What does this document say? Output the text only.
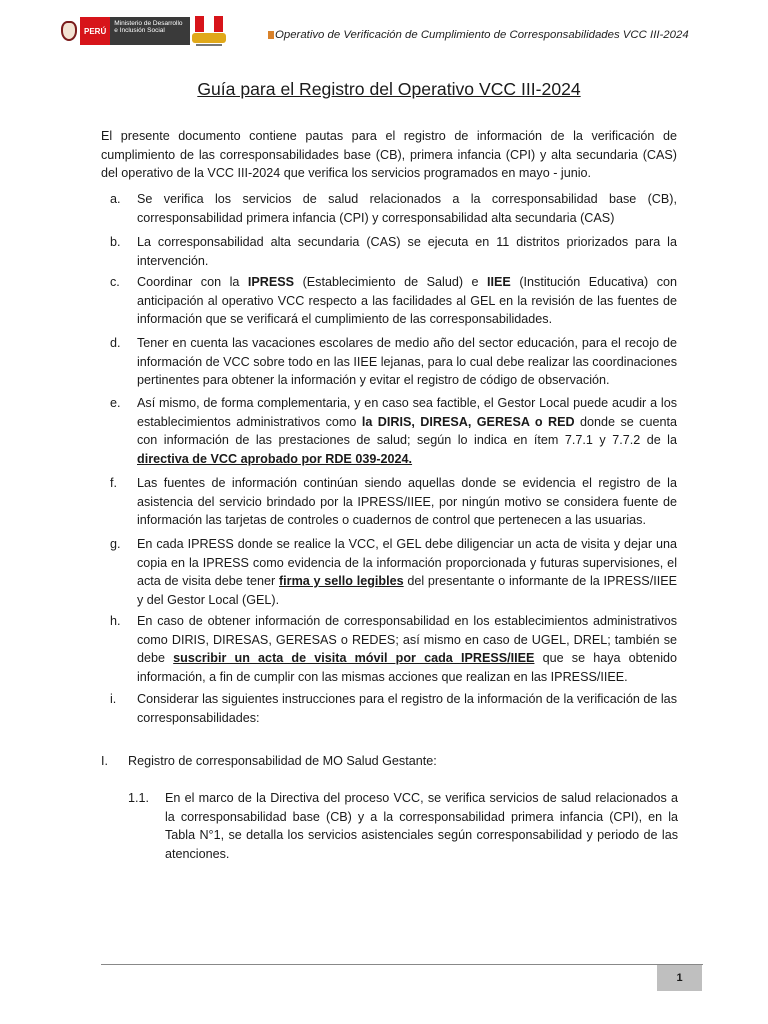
PERÚ
Ministerio de Desarrollo e Inclusión Social	Operativo de Verificación de Cumplimiento de Corresponsabilidades VCC III-2024
Guía para el Registro del Operativo VCC III-2024
El presente documento contiene pautas para el registro de información de la verificación de cumplimiento de las corresponsabilidades base (CB), primera infancia (CPI) y alta secundaria (CAS) del operativo de la VCC III-2024 que verifica los servicios programados en mayo - junio.
a. Se verifica los servicios de salud relacionados a la corresponsabilidad base (CB), corresponsabilidad primera infancia (CPI) y corresponsabilidad alta secundaria (CAS)
b. La corresponsabilidad alta secundaria (CAS) se ejecuta en 11 distritos priorizados para la intervención.
c. Coordinar con la IPRESS (Establecimiento de Salud) e IIEE (Institución Educativa) con anticipación al operativo VCC respecto a las facilidades al GEL en la revisión de las fuentes de información que se verificará el cumplimiento de las corresponsabilidades.
d. Tener en cuenta las vacaciones escolares de medio año del sector educación, para el recojo de información de VCC sobre todo en las IIEE lejanas, para lo cual debe realizar las coordinaciones pertinentes para obtener la información y evitar el registro de código de observación.
e. Así mismo, de forma complementaria, y en caso sea factible, el Gestor Local puede acudir a los establecimientos administrativos como la DIRIS, DIRESA, GERESA o RED donde se cuenta con información de las prestaciones de salud; según lo indica en ítem 7.7.1 y 7.7.2 de la directiva de VCC aprobado por RDE 039-2024.
f. Las fuentes de información continúan siendo aquellas donde se evidencia el registro de la asistencia del servicio brindado por la IPRESS/IIEE, por ningún motivo se considera fuente de información las tarjetas de controles o cuadernos de control que pertenecen a las usuarias.
g. En cada IPRESS donde se realice la VCC, el GEL debe diligenciar un acta de visita y dejar una copia en la IPRESS como evidencia de la información proporcionada y futuras supervisiones, el acta de visita debe tener firma y sello legibles del presentante o informante de la IPRESS/IIEE y del Gestor Local (GEL).
h. En caso de obtener información de corresponsabilidad en los establecimientos administrativos como DIRIS, DIRESAS, GERESAS o REDES; así mismo en caso de UGEL, DREL; también se debe suscribir un acta de visita móvil por cada IPRESS/IIEE que se haya obtenido información, a fin de cumplir con las mismas acciones que realizan en las IPRESS/IIEE.
i. Considerar las siguientes instrucciones para el registro de la información de la verificación de las corresponsabilidades:
I. Registro de corresponsabilidad de MO Salud Gestante:
1.1. En el marco de la Directiva del proceso VCC, se verifica servicios de salud relacionados a la corresponsabilidad base (CB) y a la corresponsabilidad primera infancia (CPI), en la Tabla N°1, se detalla los servicios asistenciales según corresponsabilidad y periodo de las atenciones.
1
